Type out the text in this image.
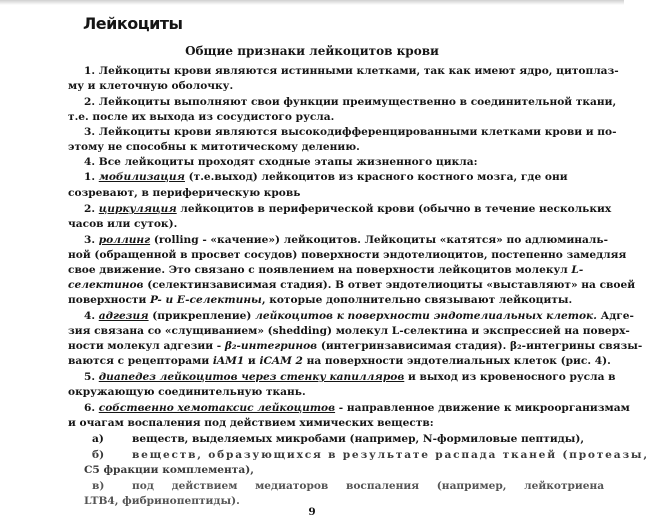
Лейкоциты
Общие признаки лейкоцитов крови
1. Лейкоциты крови являются истинными клетками, так как имеют ядро, цитоплаз-
му и клеточную оболочку.
2. Лейкоциты выполняют свои функции преимущественно в соединительной ткани,
т.е. после их выхода из сосудистого русла.
3. Лейкоциты крови являются высокодифференцированными клетками крови и по-
этому не способны к митотическому делению.
4. Все лейкоциты проходят сходные этапы жизненного цикла:
1. мобилизация (т.е.выход) лейкоцитов из красного костного мозга, где они
созревают, в периферическую кровь
2. циркуляция лейкоцитов в периферической крови (обычно в течение нескольких
часов или суток).
3. роллинг (rolling - «качение») лейкоцитов. Лейкоциты «катятся» по адлюминаль-
ной (обращенной в просвет сосудов) поверхности эндотелиоцитов, постепенно замедляя
свое движение. Это связано с появлением на поверхности лейкоцитов молекул L-
селектинов (селектинзависимая стадия). В ответ эндотелиоциты «выставляют» на своей
поверхности P- и E-селектины, которые дополнительно связывают лейкоциты.
4. адгезия (прикрепление) лейкоцитов к поверхности эндотелиальных клеток. Адге-
зия связана со «слущиванием» (shedding) молекул L-селектина и экспрессией на поверх-
ности молекул адгезии - β₂-интегринов (интегринзависимая стадия). β₂-интегрины связы-
ваются с рецепторами iAM1 и iCAM 2 на поверхности эндотелиальных клеток (рис. 4).
5. диапедез лейкоцитов через стенку капилляров и выход из кровеносного русла в
окружающую соединительную ткань.
6. собственно хемотаксис лейкоцитов - направленное движение к микроорганизмам
и очагам воспаления под действием химических веществ:
а)	веществ, выделяемых микробами (например, N-формиловые пептиды),
б)	веществ, образующихся в результате распада тканей (протеазы,
С5 фракции комплемента),
в)	под действием медиаторов воспаления (например, лейкотриена
LTB4, фибринопептиды).
9
